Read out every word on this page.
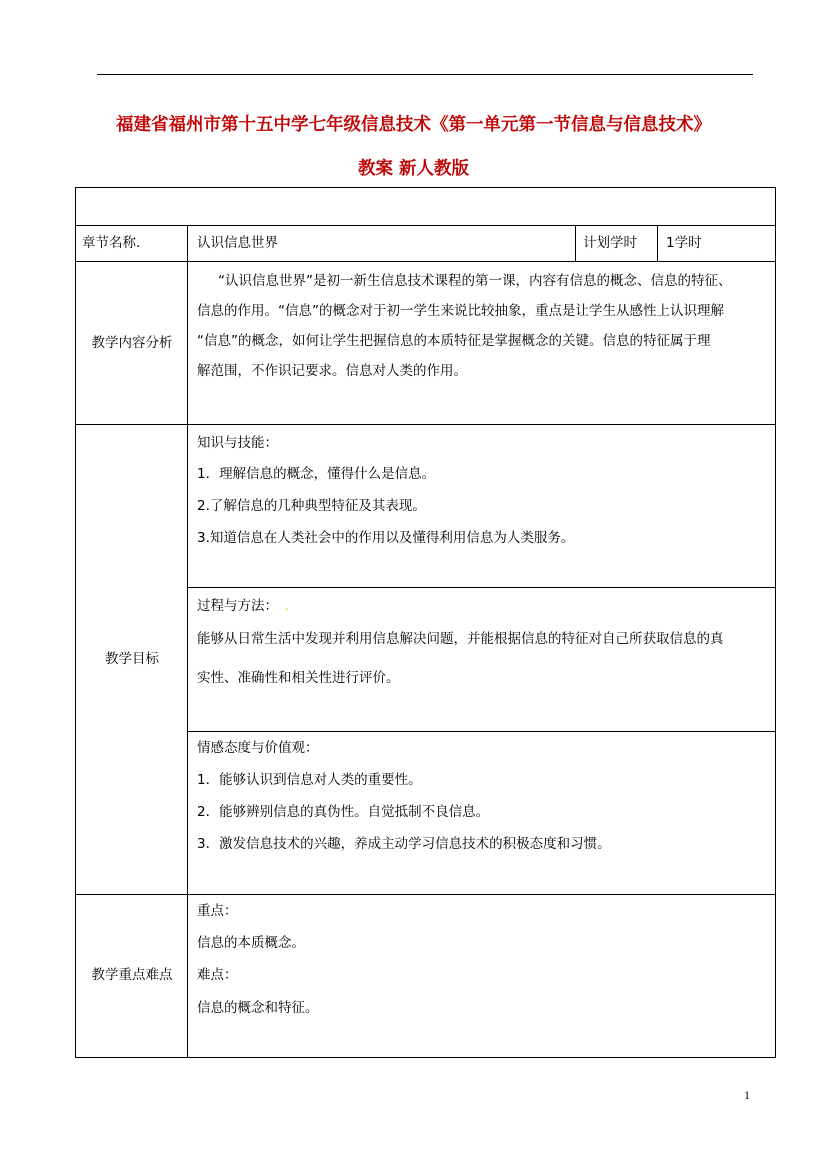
福建省福州市第十五中学七年级信息技术《第一单元第一节信息与信息技术》
教案 新人教版
章节名称.	认识信息世界	计划学时 1学时
教学内容分析
“认识信息世界”是初一新生信息技术课程的第一课，内容有信息的概念、信息的特征、
信息的作用。“信息”的概念对于初一学生来说比较抽象，重点是让学生从感性上认识理解
“信息”的概念，如何让学生把握信息的本质特征是掌握概念的关键。信息的特征属于理
解范围，不作识记要求。信息对人类的作用。
教学目标
知识与技能：
1．理解信息的概念，懂得什么是信息。
2.了解信息的几种典型特征及其表现。
3.知道信息在人类社会中的作用以及懂得利用信息为人类服务。
过程与方法： .
能够从日常生活中发现并利用信息解决问题，并能根据信息的特征对自己所获取信息的真
实性、准确性和相关性进行评价。
情感态度与价值观：
1．能够认识到信息对人类的重要性。
2．能够辨别信息的真伪性。自觉抵制不良信息。
3．激发信息技术的兴趣，养成主动学习信息技术的积极态度和习惯。
教学重点难点
重点：
信息的本质概念。
难点：
信息的概念和特征。
1
